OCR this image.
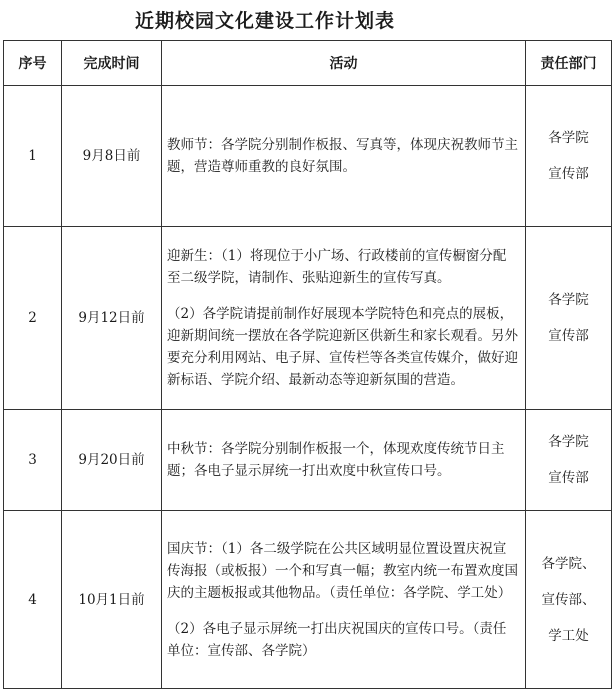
近期校园文化建设工作计划表
序号	完成时间	活动	责任部门
1	9月8日前	教师节：各学院分别制作板报、写真等，体现庆祝教师节主题，营造尊师重教的良好氛围。	各学院
宣传部

2	9月12日前	迎新生：（1）将现位于小广场、行政楼前的宣传橱窗分配至二级学院，请制作、张贴迎新生的宣传写真。
（2）各学院请提前制作好展现本学院特色和亮点的展板，迎新期间统一摆放在各学院迎新区供新生和家长观看。另外要充分利用网站、电子屏、宣传栏等各类宣传媒介，做好迎新标语、学院介绍、最新动态等迎新氛围的营造。	各学院
宣传部

3	9月20日前	中秋节：各学院分别制作板报一个，体现欢度传统节日主题；各电子显示屏统一打出欢度中秋宣传口号。	各学院
宣传部

4	10月1日前	国庆节：（1）各二级学院在公共区域明显位置设置庆祝宣传海报（或板报）一个和写真一幅；教室内统一布置欢度国庆的主题板报或其他物品。（责任单位：各学院、学工处）
（2）各电子显示屏统一打出庆祝国庆的宣传口号。（责任单位：宣传部、各学院）	各学院、
宣传部、
学工处
